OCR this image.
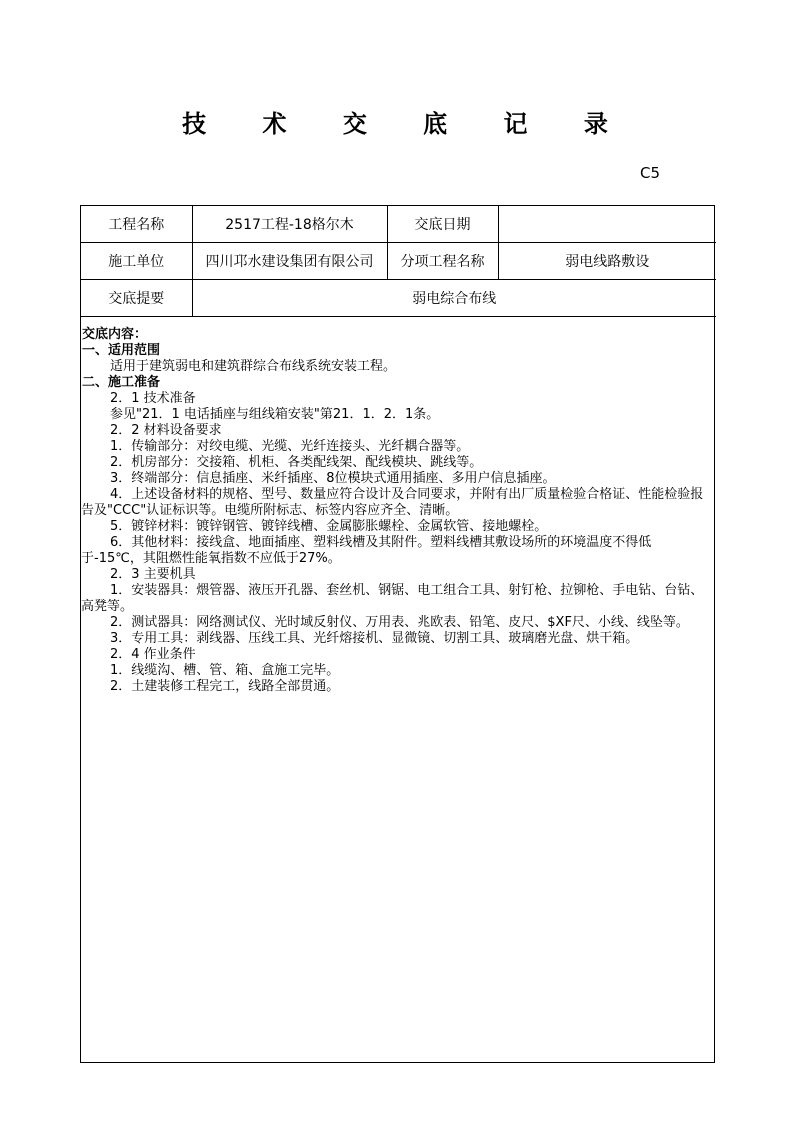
技 术 交 底 记 录
C5
工程名称	2517工程-18格尔木	交底日期	
施工单位	四川邛水建设集团有限公司	分项工程名称	弱电线路敷设
交底提要	弱电综合布线		

交底内容：

一、适用范围

适用于建筑弱电和建筑群综合布线系统安装工程。

二、施工准备

2．1 技术准备

参见"21．1 电话插座与组线箱安装"第21．1．2．1条。

2．2 材料设备要求

1．传输部分：对绞电缆、光缆、光纤连接头、光纤耦合器等。

2．机房部分：交接箱、机柜、各类配线架、配线模块、跳线等。

3．终端部分：信息插座、米纤插座、8位模块式通用插座、多用户信息插座。

4．上述设备材料的规格、型号、数量应符合设计及合同要求，并附有出厂质量检验合格证、性能检验报告及"CCC"认证标识等。电缆所附标志、标签内容应齐全、清晰。

5．镀锌材料：镀锌钢管、镀锌线槽、金属膨胀螺栓、金属软管、接地螺栓。

6．其他材料：接线盒、地面插座、塑料线槽及其附件。塑料线槽其敷设场所的环境温度不得低于-15℃，其阻燃性能氧指数不应低于27%。

2．3 主要机具

1．安装器具：煨管器、液压开孔器、套丝机、钢锯、电工组合工具、射钉枪、拉铆枪、手电钻、台钻、高凳等。

2．测试器具：网络测试仪、光时域反射仪、万用表、兆欧表、铅笔、皮尺、$XF尺、小线、线坠等。

3．专用工具：剥线器、压线工具、光纤熔接机、显微镜、切割工具、玻璃磨光盘、烘干箱。

2．4 作业条件

1．线缆沟、槽、管、箱、盒施工完毕。

2．土建装修工程完工，线路全部贯通。
